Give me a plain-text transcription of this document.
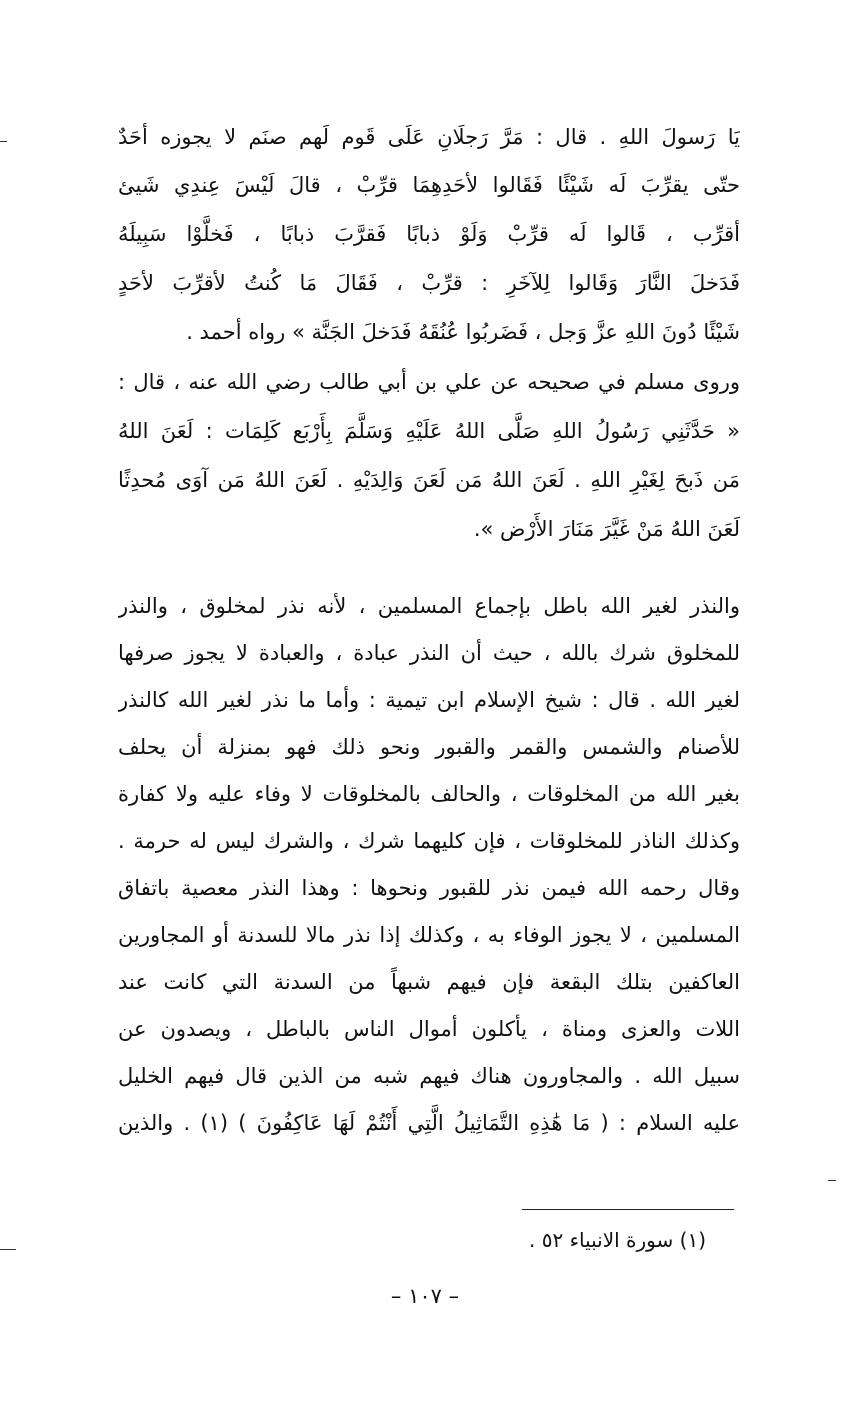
يَا رَسولَ اللهِ . قال : مَرَّ رَجلَانِ عَلَى قَوم لَهم صنَم لا يجوزه أحَدٌ
حتّى يقرِّبَ لَه شَيْئًا فَقَالوا لأحَدِهِمَا قرِّبْ ، قالَ لَيْسَ عِندِي شَيئ
أقرِّب ، قَالوا لَه قرِّبْ وَلَوْ ذبابًا فَقرَّبَ ذبابًا ، فَخلَّوْا سَبِيلَهُ
فَدَخلَ النَّارَ وَقَالوا لِلآخَرِ : قرِّبْ ، فَقَالَ مَا كُنتُ لأقرِّبَ لأحَدٍ
شَيْئًا دُونَ اللهِ عزَّ وَجل ، فَضَربُوا عُنُقَهُ فَدَخلَ الجَنَّة » رواه أحمد .
وروى مسلم في صحيحه عن علي بن أبي طالب رضي الله عنه ، قال :
« حَدَّثَنِي رَسُولُ اللهِ صَلَّى اللهُ عَلَيْهِ وَسَلَّمَ بِأَرْبَع كَلِمَات : لَعَنَ اللهُ
مَن ذَبحَ لِغَيْرِ اللهِ . لَعَنَ اللهُ مَن لَعَنَ وَالِدَيْهِ . لَعَنَ اللهُ مَن آوَى مُحدِثًا
لَعَنَ اللهُ مَنْ غَيَّرَ مَنَارَ الأَرْض ».
والنذر لغير الله باطل بإجماع المسلمين ، لأنه نذر لمخلوق ، والنذر
للمخلوق شرك بالله ، حيث أن النذر عبادة ، والعبادة لا يجوز صرفها
لغير الله . قال : شيخ الإسلام ابن تيمية : وأما ما نذر لغير الله كالنذر
للأصنام والشمس والقمر والقبور ونحو ذلك فهو بمنزلة أن يحلف
بغير الله من المخلوقات ، والحالف بالمخلوقات لا وفاء عليه ولا كفارة
وكذلك الناذر للمخلوقات ، فإن كليهما شرك ، والشرك ليس له حرمة .
وقال رحمه الله فيمن نذر للقبور ونحوها : وهذا النذر معصية باتفاق
المسلمين ، لا يجوز الوفاء به ، وكذلك إذا نذر مالا للسدنة أو المجاورين
العاكفين بتلك البقعة فإن فيهم شبهاً من السدنة التي كانت عند
اللات والعزى ومناة ، يأكلون أموال الناس بالباطل ، ويصدون عن
سبيل الله . والمجاورون هناك فيهم شبه من الذين قال فيهم الخليل
عليه السلام : ( مَا هَٰذِهِ التَّمَاثِيلُ الَّتِي أَنْتُمْ لَهَا عَاكِفُونَ ) (١) . والذين
(١) سورة الانبياء ٥٢ .
– ١٠٧ –
